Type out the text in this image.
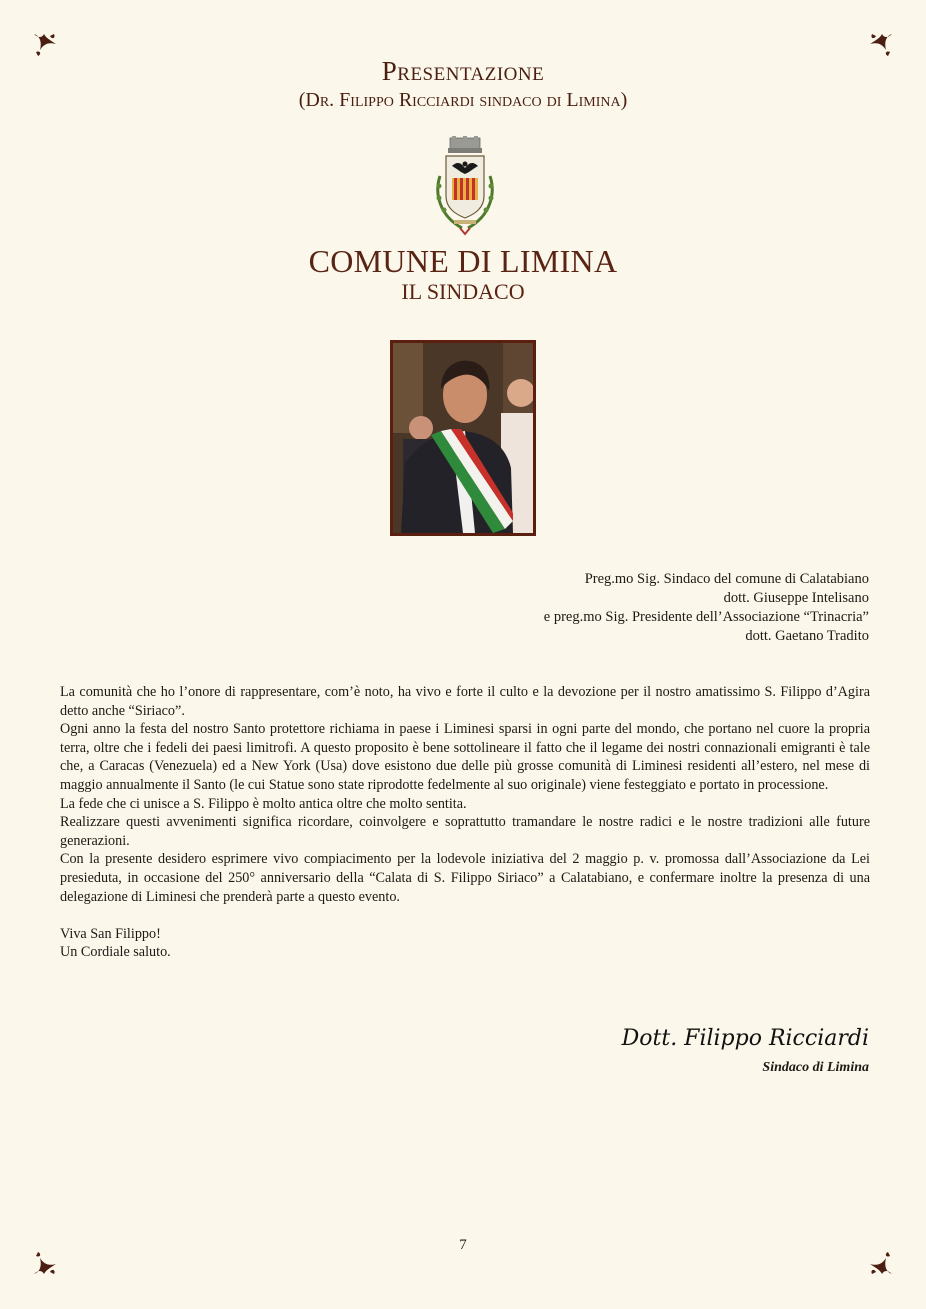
Presentazione
(Dr. Filippo Ricciardi sindaco di Limina)
COMUNE DI LIMINA
IL SINDACO
Preg.mo Sig. Sindaco del comune di Calatabiano
dott. Giuseppe Intelisano
e preg.mo Sig. Presidente dell’Associazione “Trinacria”
dott. Gaetano Tradito

La comunità che ho l’onore di rappresentare, com’è noto, ha vivo e forte il culto e la devozione per il nostro amatissimo S. Filippo d’Agira detto anche “Siriaco”.

Ogni anno la festa del nostro Santo protettore richiama in paese i Liminesi sparsi in ogni parte del mondo, che portano nel cuore la propria terra, oltre che i fedeli dei paesi limitrofi. A questo proposito è bene sottolineare il fatto che il legame dei nostri connazionali emigranti è tale che, a Caracas (Venezuela) ed a New York (Usa) dove esistono due delle più grosse comunità di Liminesi residenti all’estero, nel mese di maggio annualmente il Santo (le cui Statue sono state riprodotte fedelmente al suo originale) viene festeggiato e portato in processione.

La fede che ci unisce a S. Filippo è molto antica oltre che molto sentita.

Realizzare questi avvenimenti significa ricordare, coinvolgere e soprattutto tramandare le nostre radici e le nostre tradizioni alle future generazioni.

Con la presente desidero esprimere vivo compiacimento per la lodevole iniziativa del 2 maggio p. v. promossa dall’Associazione da Lei presieduta, in occasione del 250° anniversario della “Calata di S. Filippo Siriaco” a Calatabiano, e confermare inoltre la presenza di una delegazione di Liminesi che prenderà parte a questo evento.

Viva San Filippo!

Un Cordiale saluto.

Dott. Filippo Ricciardi
Sindaco di Limina
7
